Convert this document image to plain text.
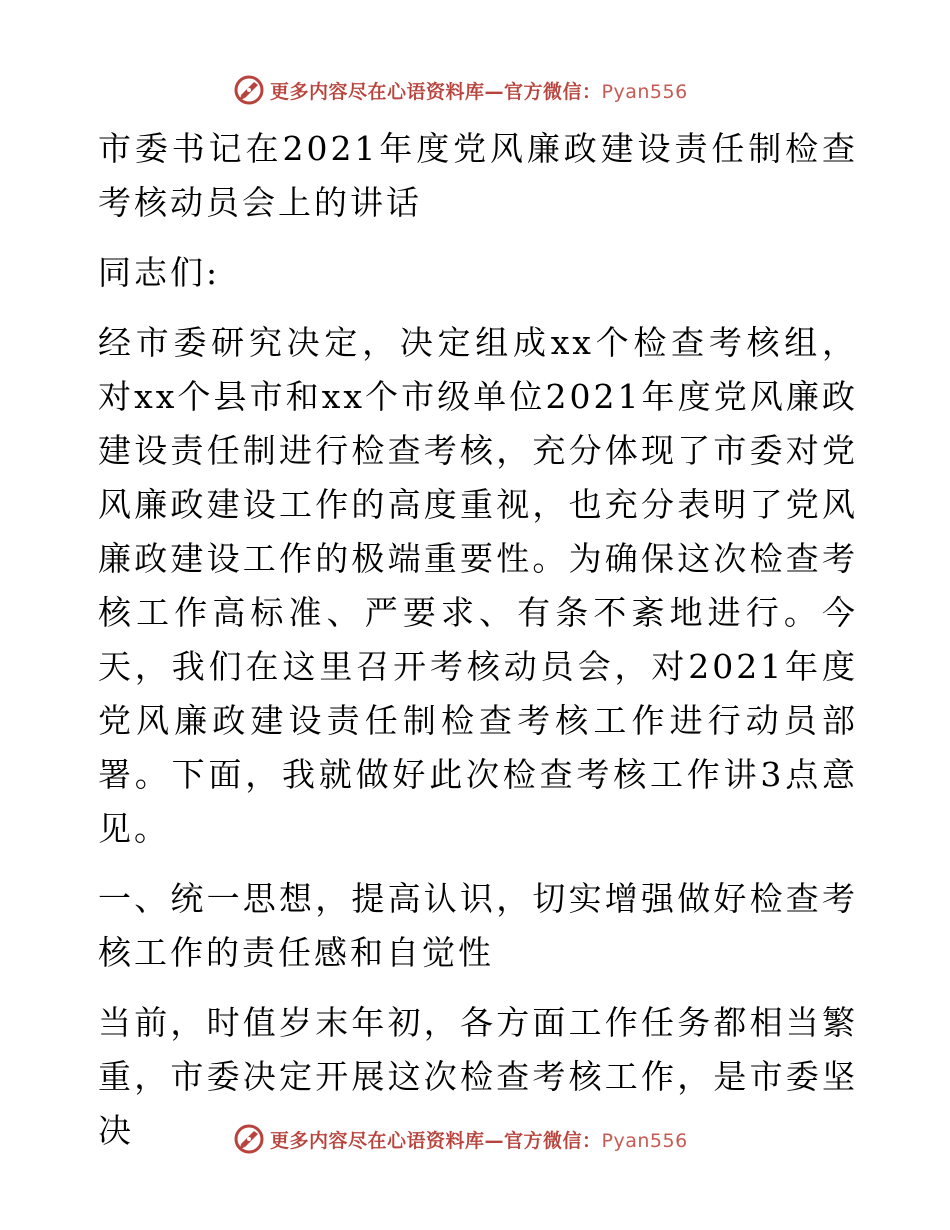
更多内容尽在心语资料库—官方微信：Pyan556

市委书记在2021年度党风廉政建设责任制检查考核动员会上的讲话

同志们:

经市委研究决定，决定组成xx个检查考核组，对xx个县市和xx个市级单位2021年度党风廉政建设责任制进行检查考核，充分体现了市委对党风廉政建设工作的高度重视，也充分表明了党风廉政建设工作的极端重要性。为确保这次检查考核工作高标准、严要求、有条不紊地进行。今天，我们在这里召开考核动员会，对2021年度党风廉政建设责任制检查考核工作进行动员部署。下面，我就做好此次检查考核工作讲3点意见。

一、统一思想，提高认识，切实增强做好检查考核工作的责任感和自觉性

当前，时值岁末年初，各方面工作任务都相当繁重，市委决定开展这次检查考核工作，是市委坚决	更多内容尽在心语资料库—官方微信：Pyan556
